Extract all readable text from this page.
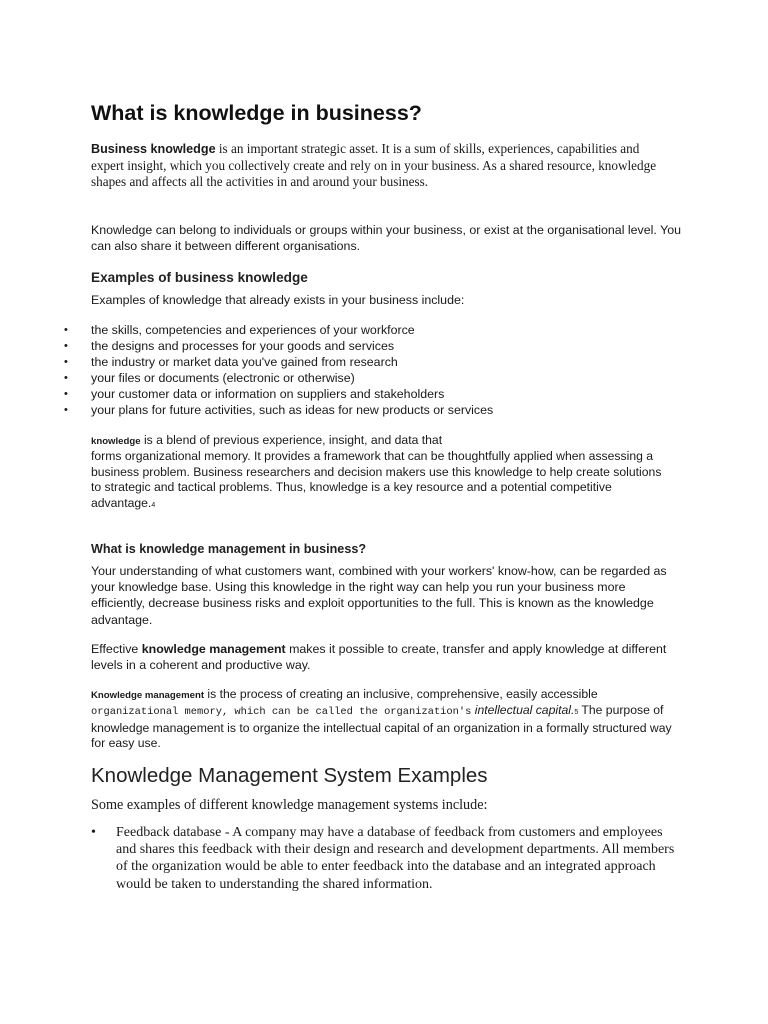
What is knowledge in business?

Business knowledge is an important strategic asset. It is a sum of skills, experiences, capabilities and expert insight, which you collectively create and rely on in your business. As a shared resource, knowledge shapes and affects all the activities in and around your business.

Knowledge can belong to individuals or groups within your business, or exist at the organisational level. You can also share it between different organisations.

Examples of business knowledge

Examples of knowledge that already exists in your business include:

• the skills, competencies and experiences of your workforce
• the designs and processes for your goods and services
• the industry or market data you've gained from research
• your files or documents (electronic or otherwise)
• your customer data or information on suppliers and stakeholders
• your plans for future activities, such as ideas for new products or services

knowledge is a blend of previous experience, insight, and data that
forms organizational memory. It provides a framework that can be thoughtfully applied when assessing a business problem. Business researchers and decision makers use this knowledge to help create solutions to strategic and tactical problems. Thus, knowledge is a key resource and a potential competitive advantage.4

What is knowledge management in business?

Your understanding of what customers want, combined with your workers' know-how, can be regarded as your knowledge base. Using this knowledge in the right way can help you run your business more efficiently, decrease business risks and exploit opportunities to the full. This is known as the knowledge advantage.

Effective knowledge management makes it possible to create, transfer and apply knowledge at different levels in a coherent and productive way.

Knowledge management is the process of creating an inclusive, comprehensive, easily accessible
organizational memory, which can be called the organization's intellectual capital.5 The purpose of knowledge management is to organize the intellectual capital of an organization in a formally structured way for easy use.

Knowledge Management System Examples

Some examples of different knowledge management systems include:

• Feedback database - A company may have a database of feedback from customers and employees and shares this feedback with their design and research and development departments. All members of the organization would be able to enter feedback into the database and an integrated approach would be taken to understanding the shared information.
